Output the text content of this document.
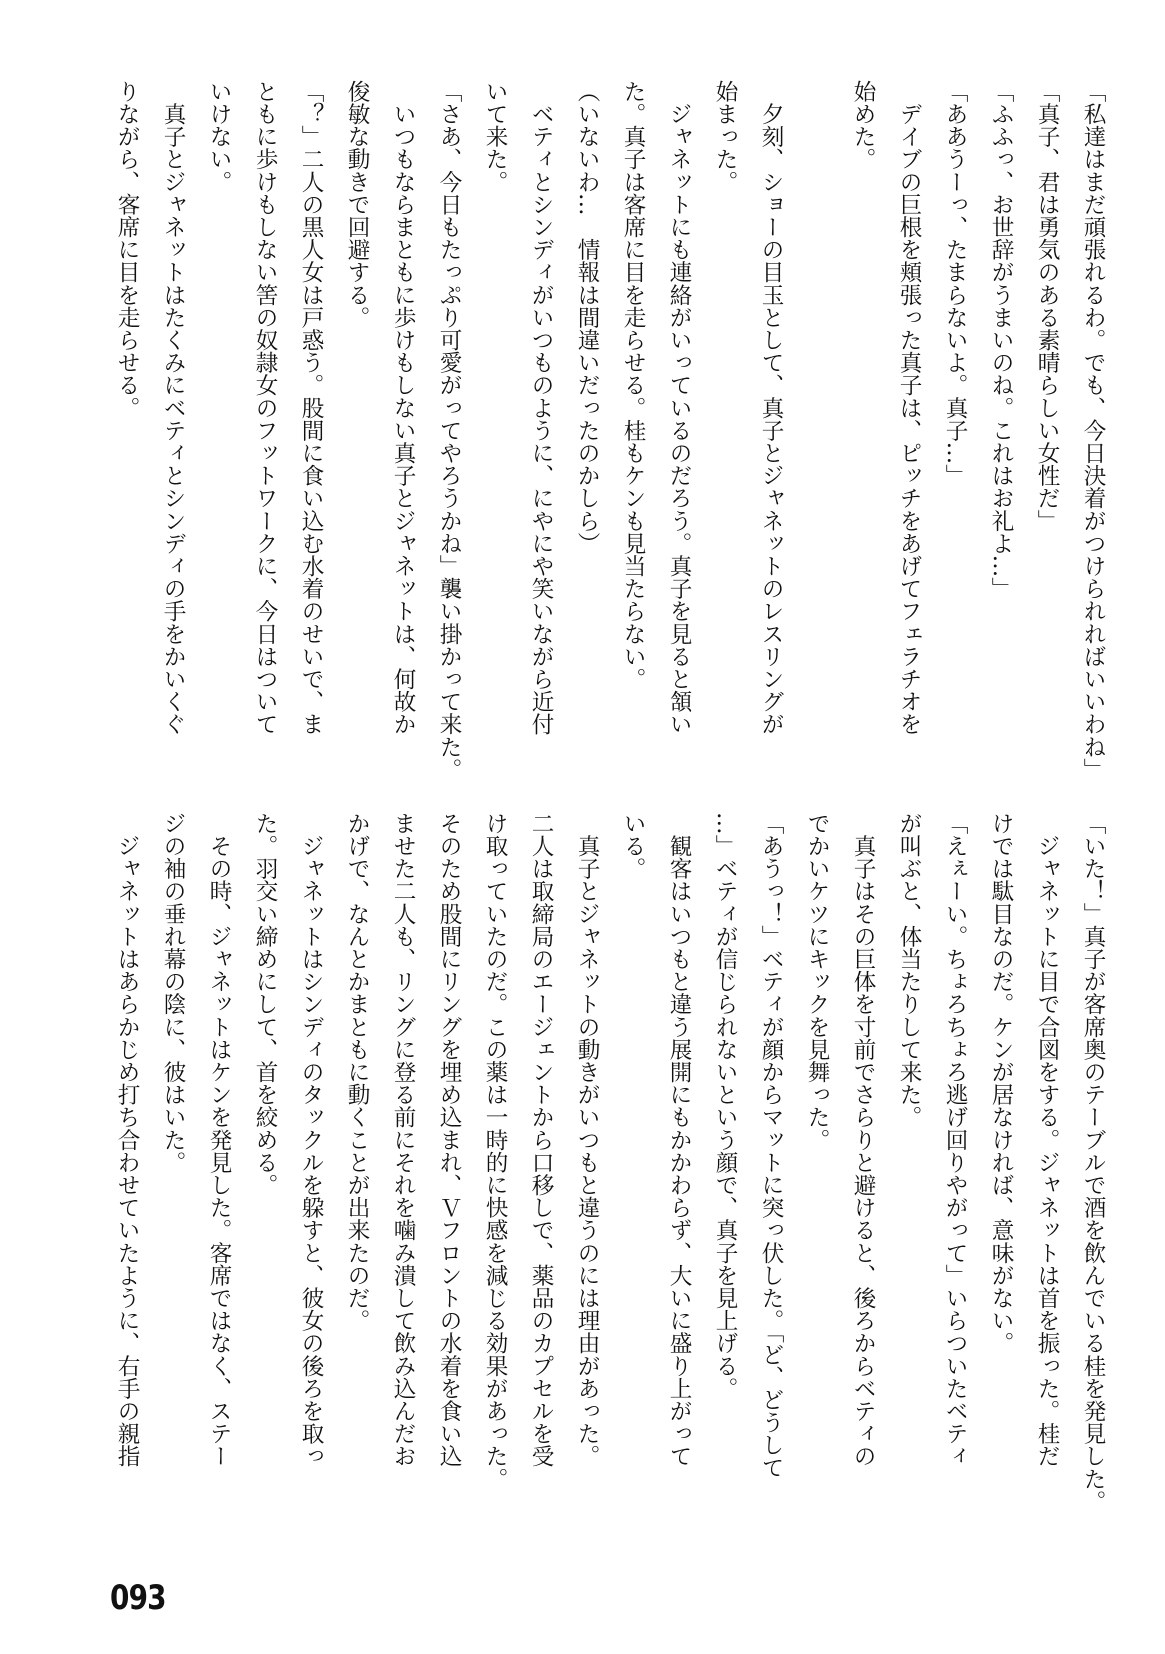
「私達はまだ頑張れるわ。でも、今日決着がつけられればいいわね」
「真子、君は勇気のある素晴らしい女性だ」
「ふふっ、お世辞がうまいのね。これはお礼よ…」
「ああうーっ、たまらないよ。真子…」
　デイブの巨根を頬張った真子は、ピッチをあげてフェラチオを
始めた。

　夕刻、ショーの目玉として、真子とジャネットのレスリングが
始まった。
　ジャネットにも連絡がいっているのだろう。真子を見ると頷い
た。真子は客席に目を走らせる。桂もケンも見当たらない。
（いないわ…　情報は間違いだったのかしら）
　ベティとシンディがいつものように、にやにや笑いながら近付
いて来た。
「さあ、今日もたっぷり可愛がってやろうかね」襲い掛かって来た。
　いつもならまともに歩けもしない真子とジャネットは、何故か
俊敏な動きで回避する。
「？」二人の黒人女は戸惑う。股間に食い込む水着のせいで、ま
ともに歩けもしない筈の奴隷女のフットワークに、今日はついて
いけない。
　真子とジャネットはたくみにベティとシンディの手をかいくぐ
りながら、客席に目を走らせる。
「いた！」真子が客席奥のテーブルで酒を飲んでいる桂を発見した。
　ジャネットに目で合図をする。ジャネットは首を振った。桂だ
けでは駄目なのだ。ケンが居なければ、意味がない。
「えぇーい。ちょろちょろ逃げ回りやがって」いらついたベティ
が叫ぶと、体当たりして来た。
　真子はその巨体を寸前でさらりと避けると、後ろからベティの
でかいケツにキックを見舞った。
「あうっ！」ベティが顔からマットに突っ伏した。「ど、どうして
…」ベティが信じられないという顔で、真子を見上げる。
　観客はいつもと違う展開にもかかわらず、大いに盛り上がって
いる。
　真子とジャネットの動きがいつもと違うのには理由があった。
二人は取締局のエージェントから口移しで、薬品のカプセルを受
け取っていたのだ。この薬は一時的に快感を減じる効果があった。
そのため股間にリングを埋め込まれ、Ｖフロントの水着を食い込
ませた二人も、リングに登る前にそれを噛み潰して飲み込んだお
かげで、なんとかまともに動くことが出来たのだ。
　ジャネットはシンディのタックルを躱すと、彼女の後ろを取っ
た。羽交い締めにして、首を絞める。
　その時、ジャネットはケンを発見した。客席ではなく、ステー
ジの袖の垂れ幕の陰に、彼はいた。
　ジャネットはあらかじめ打ち合わせていたように、右手の親指
093
